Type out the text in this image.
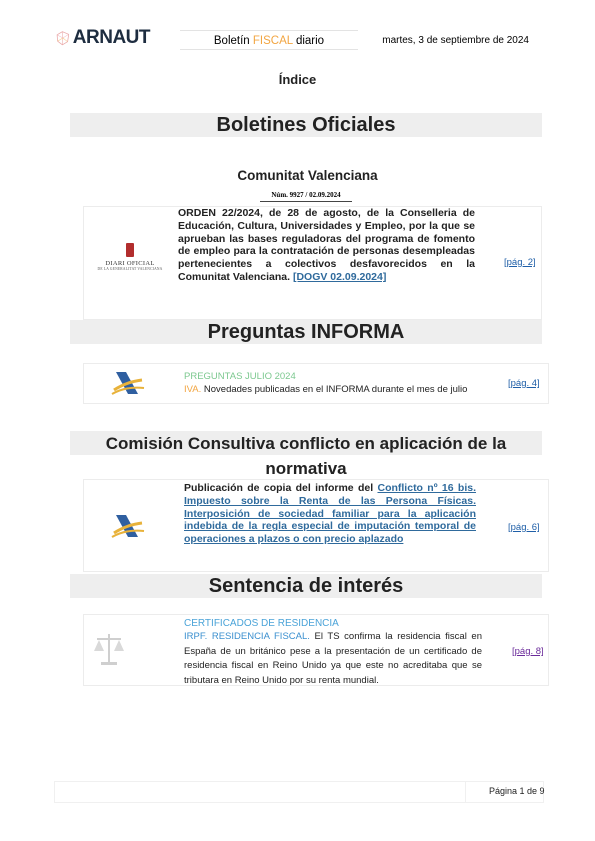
ARNAUT	Boletín FISCAL diario	martes, 3 de septiembre de 2024
Índice
Boletines Oficiales
Comunitat Valenciana
Núm. 9927 / 02.09.2024
DIARI OFICIAL
DE LA GENERALITAT VALENCIANA
ORDEN 22/2024, de 28 de agosto, de la Conselleria de Educación, Cultura, Universidades y Empleo, por la que se aprueban las bases reguladoras del programa de fomento de empleo para la contratación de personas desempleadas pertenecientes a colectivos desfavorecidos en la Comunitat Valenciana. [DOGV 02.09.2024]
[pág. 2]
Preguntas INFORMA
PREGUNTAS JULIO 2024
IVA. Novedades publicadas en el INFORMA durante el mes de julio
[pág. 4]
Comisión Consultiva conflicto en aplicación de la normativa
Publicación de copia del informe del Conflicto nº 16 bis. Impuesto sobre la Renta de las Persona Físicas. Interposición de sociedad familiar para la aplicación indebida de la regla especial de imputación temporal de operaciones a plazos o con precio aplazado
[pág. 6]
Sentencia de interés
CERTIFICADOS DE RESIDENCIA
IRPF. RESIDENCIA FISCAL. El TS confirma la residencia fiscal en España de un británico pese a la presentación de un certificado de residencia fiscal en Reino Unido ya que este no acreditaba que se tributara en Reino Unido por su renta mundial.
[pág. 8]
Página 1 de 9
